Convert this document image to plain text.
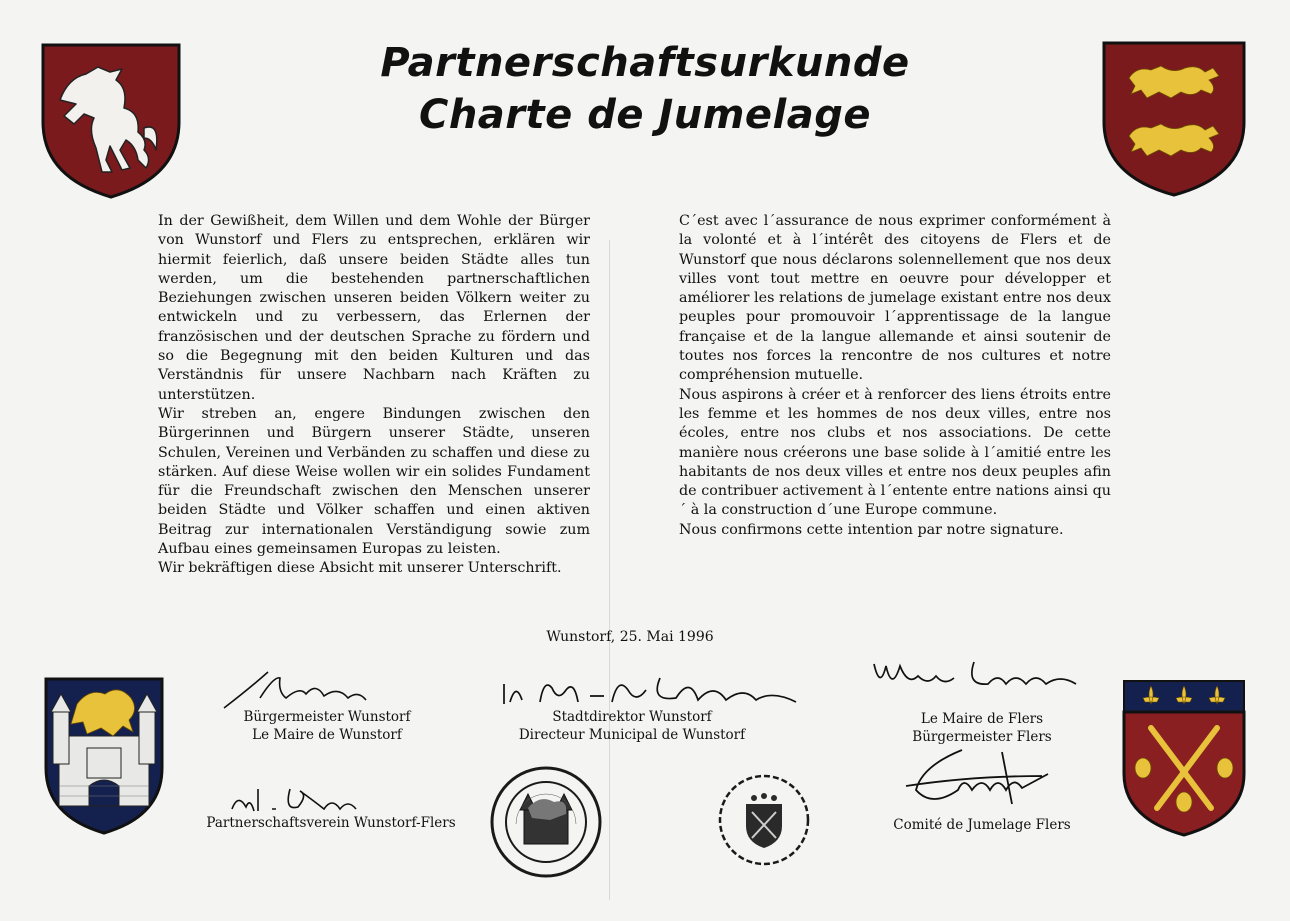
Partnerschaftsurkunde
Charte de Jumelage

In der Gewißheit, dem Willen und dem Wohle der Bürger von Wunstorf und Flers zu entsprechen, erklären wir hiermit feierlich, daß unsere beiden Städte alles tun werden, um die bestehenden partnerschaftlichen Beziehungen zwischen unseren beiden Völkern weiter zu entwickeln und zu verbessern, das Erlernen der französischen und der deutschen Sprache zu fördern und so die Begegnung mit den beiden Kulturen und das Verständnis für unsere Nachbarn nach Kräften zu unterstützen.

Wir streben an, engere Bindungen zwischen den Bürgerinnen und Bürgern unserer Städte, unseren Schulen, Vereinen und Verbänden zu schaffen und diese zu stärken. Auf diese Weise wollen wir ein solides Fundament für die Freundschaft zwischen den Menschen unserer beiden Städte und Völker schaffen und einen aktiven Beitrag zur internationalen Verständigung sowie zum Aufbau eines gemeinsamen Europas zu leisten.

Wir bekräftigen diese Absicht mit unserer Unterschrift.

C´est avec l´assurance de nous exprimer conformément à la volonté et à l´intérêt des citoyens de Flers et de Wunstorf que nous déclarons solennellement que nos deux villes vont tout mettre en oeuvre pour développer et améliorer les relations de jumelage existant entre nos deux peuples pour promouvoir l´apprentissage de la langue française et de la langue allemande et ainsi soutenir de toutes nos forces la rencontre de nos cultures et notre compréhension mutuelle.

Nous aspirons à créer et à renforcer des liens étroits entre les femme et les hommes de nos deux villes, entre nos écoles, entre nos clubs et nos associations. De cette manière nous créerons une base solide à l´amitié entre les habitants de nos deux villes et entre nos deux peuples afin de contribuer activement à l´entente entre nations ainsi qu´ à la construction d´une Europe commune.

Nous confirmons cette intention par notre signature.

Wunstorf, 25. Mai 1996
Bürgermeister Wunstorf
Le Maire de Wunstorf
Stadtdirektor Wunstorf
Directeur Municipal de Wunstorf
Le Maire de Flers
Bürgermeister Flers
Partnerschaftsverein Wunstorf-Flers	Comité de Jumelage Flers
